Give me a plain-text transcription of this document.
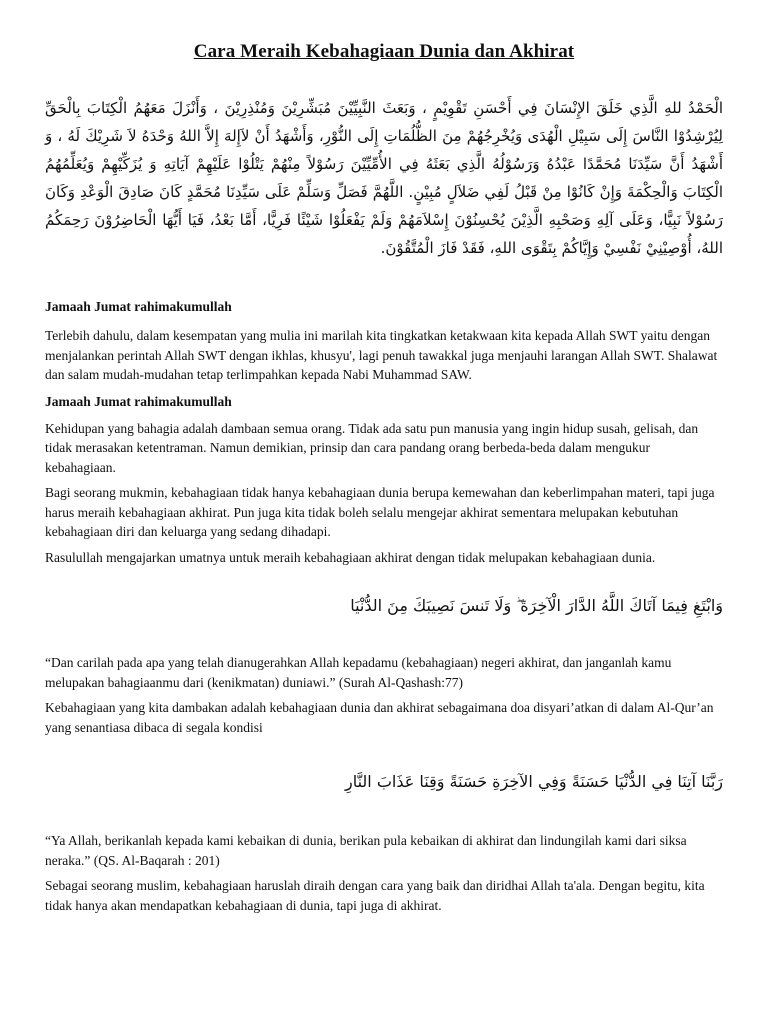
Cara Meraih Kebahagiaan Dunia dan Akhirat

الْحَمْدُ للهِ الَّذِي خَلَقَ الإِنْسَانَ فِي أَحْسَنِ تَقْوِيْمٍ ، وَبَعَثَ النَّبِيِّيْنَ مُبَشِّرِيْنَ وَمُنْذِرِيْنَ ، وَأَنْزَلَ مَعَهُمُ الْكِتَابَ بِالْحَقِّ لِيُرْشِدُوْا النَّاسَ إِلَى سَبِيْلِ الْهُدَى وَيُخْرِجُهُمْ مِنَ الظُّلُمَاتِ إِلَى النُّوْرِ، وَأَشْهَدُ أَنْ لاَإِلهَ إِلاَّ اللهُ وَحْدَهُ لاَ شَرِيْكَ لَهُ ، وَ أَشْهَدُ أَنَّ سَيِّدَنَا مُحَمَّدًا عَبْدُهُ وَرَسُوْلُهُ الَّذِي بَعَثَهُ فِي الأُمِّيِّيْنَ رَسُوْلاً مِنْهُمْ يَتْلُوْا عَلَيْهِمْ آيَاتِهِ وَ يُزَكِّيْهِمْ وَيُعَلِّمُهُمُ الْكِتَابَ وَالْحِكْمَةَ وَإِنْ كَانُوْا مِنْ قَبْلُ لَفِي ضَلاَلٍ مُبِيْنٍ. اللَّهُمَّ فَصَلِّ وَسَلِّمْ عَلَى سَيِّدِنَا مُحَمَّدٍ كَانَ صَادِقَ الْوَعْدِ وَكَانَ رَسُوْلاً نَبِيًّا، وَعَلَى آلِهِ وَصَحْبِهِ الَّذِيْنَ يُحْسِنُوْنَ إِسْلاَمَهُمْ وَلَمْ يَفْعَلُوْا شَيْئًا فَرِيًّا، أَمَّا بَعْدُ، فَيَا أَيُّهَا الْحَاضِرُوْنَ رَحِمَكُمُ اللهُ، أُوْصِيْنِيْ نَفْسِيْ وَإِيَّاكُمْ بِتَقْوَى اللهِ، فَقَدْ فَازَ الْمُتَّقُوْنَ.

Jamaah Jumat rahimakumullah

Terlebih dahulu, dalam kesempatan yang mulia ini marilah kita tingkatkan ketakwaan kita kepada Allah SWT yaitu dengan menjalankan perintah Allah SWT dengan ikhlas, khusyu', lagi penuh tawakkal juga menjauhi larangan Allah SWT. Shalawat dan salam mudah-mudahan tetap terlimpahkan kepada Nabi Muhammad SAW.

Jamaah Jumat rahimakumullah

Kehidupan yang bahagia adalah dambaan semua orang. Tidak ada satu pun manusia yang ingin hidup susah, gelisah, dan tidak merasakan ketentraman. Namun demikian, prinsip dan cara pandang orang berbeda-beda dalam mengukur kebahagiaan.

Bagi seorang mukmin, kebahagiaan tidak hanya kebahagiaan dunia berupa kemewahan dan keberlimpahan materi, tapi juga harus meraih kebahagiaan akhirat. Pun juga kita tidak boleh selalu mengejar akhirat sementara melupakan kebutuhan kebahagiaan diri dan keluarga yang sedang dihadapi.

Rasulullah mengajarkan umatnya untuk meraih kebahagiaan akhirat dengan tidak melupakan kebahagiaan dunia.

وَابْتَغِ فِيمَا آتَاكَ اللَّهُ الدَّارَ الْآخِرَةَ ۖ وَلَا تَنسَ نَصِيبَكَ مِنَ الدُّنْيَا

“Dan carilah pada apa yang telah dianugerahkan Allah kepadamu (kebahagiaan) negeri akhirat, dan janganlah kamu melupakan bahagiaanmu dari (kenikmatan) duniawi.” (Surah Al-Qashash:77)

Kebahagiaan yang kita dambakan adalah kebahagiaan dunia dan akhirat sebagaimana doa disyari’atkan di dalam Al-Qur’an yang senantiasa dibaca di segala kondisi

رَبَّنَا آتِنَا فِي الدُّنْيَا حَسَنَةً وَفِي الآخِرَةِ حَسَنَةً وَقِنَا عَذَابَ النَّارِ

“Ya Allah, berikanlah kepada kami kebaikan di dunia, berikan pula kebaikan di akhirat dan lindungilah kami dari siksa neraka.” (QS. Al-Baqarah : 201)

Sebagai seorang muslim, kebahagiaan haruslah diraih dengan cara yang baik dan diridhai Allah ta'ala. Dengan begitu, kita tidak hanya akan mendapatkan kebahagiaan di dunia, tapi juga di akhirat.
